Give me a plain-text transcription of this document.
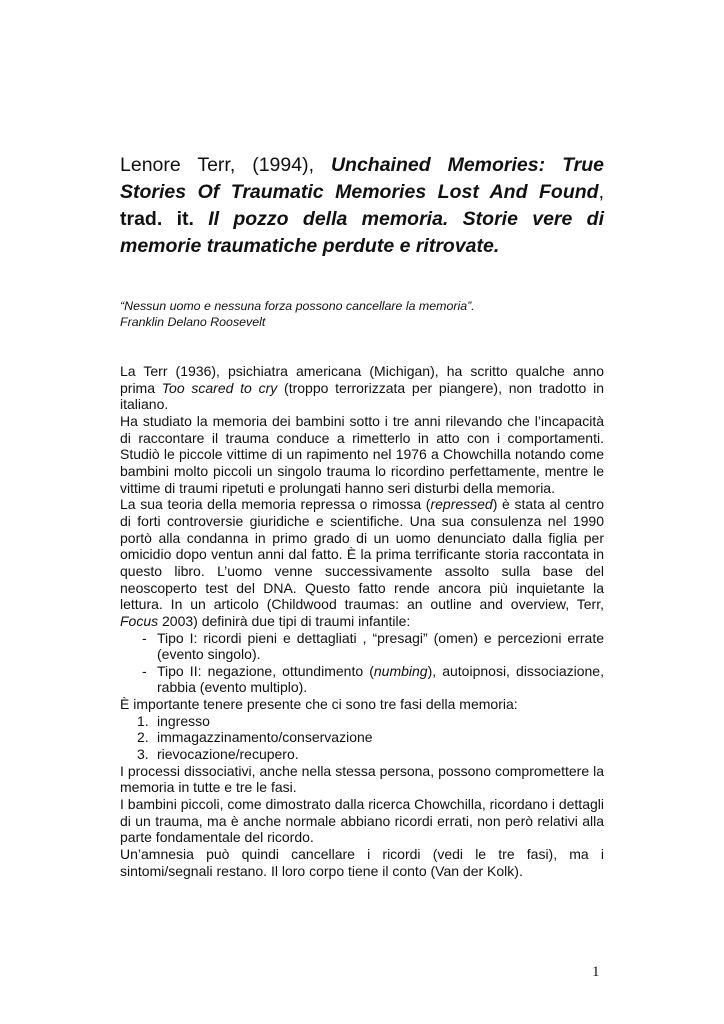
Lenore Terr, (1994), Unchained Memories: True Stories Of Traumatic Memories Lost And Found, trad. it. Il pozzo della memoria. Storie vere di memorie traumatiche perdute e ritrovate.
“Nessun uomo e nessuna forza possono cancellare la memoria”.
Franklin Delano Roosevelt

La Terr (1936), psichiatra americana (Michigan), ha scritto qualche anno prima Too scared to cry (troppo terrorizzata per piangere), non tradotto in italiano.

Ha studiato la memoria dei bambini sotto i tre anni rilevando che l’incapacità di raccontare il trauma conduce a rimetterlo in atto con i comportamenti. Studiò le piccole vittime di un rapimento nel 1976 a Chowchilla notando come bambini molto piccoli un singolo trauma lo ricordino perfettamente, mentre le vittime di traumi ripetuti e prolungati hanno seri disturbi della memoria.

La sua teoria della memoria repressa o rimossa (repressed) è stata al centro di forti controversie giuridiche e scientifiche. Una sua consulenza nel 1990 portò alla condanna in primo grado di un uomo denunciato dalla figlia per omicidio dopo ventun anni dal fatto. È la prima terrificante storia raccontata in questo libro. L’uomo venne successivamente assolto sulla base del neoscoperto test del DNA. Questo fatto rende ancora più inquietante la lettura. In un articolo (Childwood traumas: an outline and overview, Terr, Focus 2003) definirà due tipi di traumi infantile:

- Tipo I: ricordi pieni e dettagliati , “presagi” (omen) e percezioni errate (evento singolo).
- Tipo II: negazione, ottundimento (numbing), autoipnosi, dissociazione, rabbia (evento multiplo).

È importante tenere presente che ci sono tre fasi della memoria:

1. ingresso
2. immagazzinamento/conservazione
3. rievocazione/recupero.

I processi dissociativi, anche nella stessa persona, possono compromettere la memoria in tutte e tre le fasi.

I bambini piccoli, come dimostrato dalla ricerca Chowchilla, ricordano i dettagli di un trauma, ma è anche normale abbiano ricordi errati, non però relativi alla parte fondamentale del ricordo.

Un’amnesia può quindi cancellare i ricordi (vedi le tre fasi), ma i sintomi/segnali restano. Il loro corpo tiene il conto (Van der Kolk).

1
